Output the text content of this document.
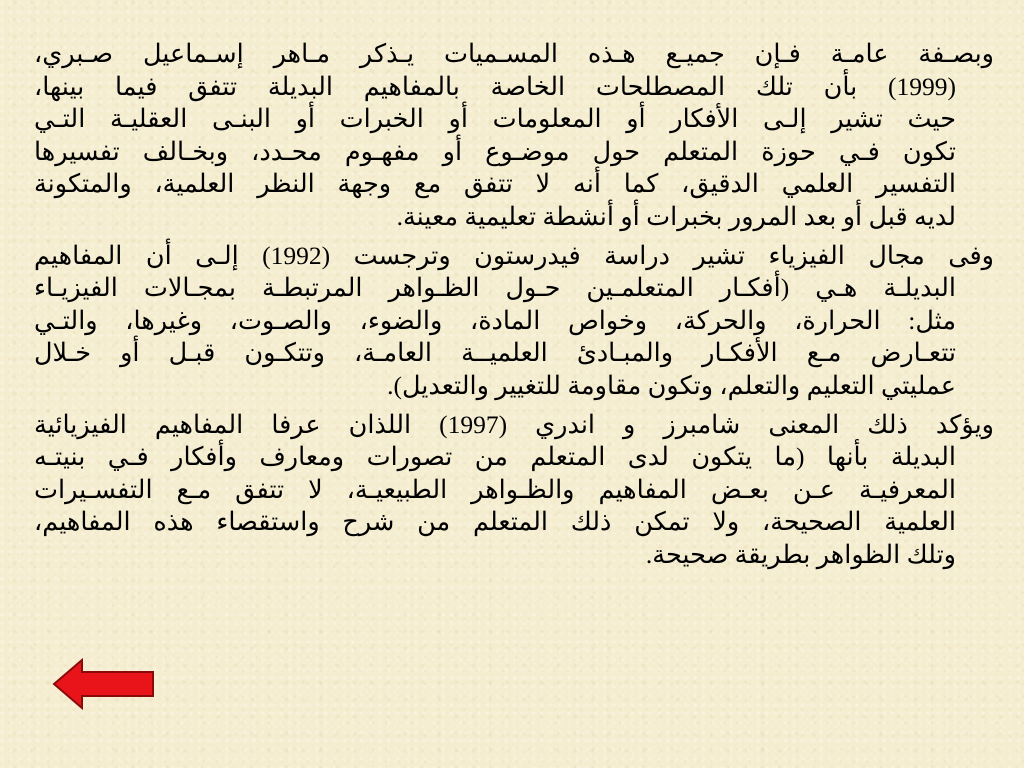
وبصـفة عامـة فـإن جميـع هـذه المسـميات يـذكر مـاهر إسـماعيل صـبري،
(1999) بأن تلك المصطلحات الخاصة بالمفاهيم البديلة تتفق فيما بينها،
حيث تشير إلـى الأفكار أو المعلومات أو الخبرات أو البنـى العقليـة التـي
تكون فـي حوزة المتعلم حول موضـوع أو مفهـوم محـدد، وبخـالف تفسيرها
التفسير العلمي الدقيق، كما أنه لا تتفق مع وجهة النظر العلمية، والمتكونة
لديه قبل أو بعد المرور بخبرات أو أنشطة تعليمية معينة.

وفى مجال الفيزياء تشير دراسة فيدرستون وترجست (1992) إلـى أن المفاهيم
البديلـة هـي (أفكـار المتعلمـين حـول الظـواهر المرتبطـة بمجـالات الفيزيـاء
مثل: الحرارة، والحركة، وخواص المادة، والضوء، والصـوت، وغيرها، والتـي
تتعـارض مـع الأفكـار والمبـادئ العلميــة العامـة، وتتكـون قبـل أو خـلال
عمليتي التعليم والتعلم، وتكون مقاومة للتغيير والتعديل).

ويؤكد ذلك المعنى شامبرز و اندري (1997) اللذان عرفا المفاهيم الفيزيائية
البديلة بأنها (ما يتكون لدى المتعلم من تصورات ومعارف وأفكار فـي بنيتـه
المعرفيـة عـن بعـض المفاهيم والظـواهر الطبيعيـة، لا تتفق مـع التفسـيرات
العلمية الصحيحة، ولا تمكن ذلك المتعلم من شرح واستقصاء هذه المفاهيم،
وتلك الظواهر بطريقة صحيحة.
